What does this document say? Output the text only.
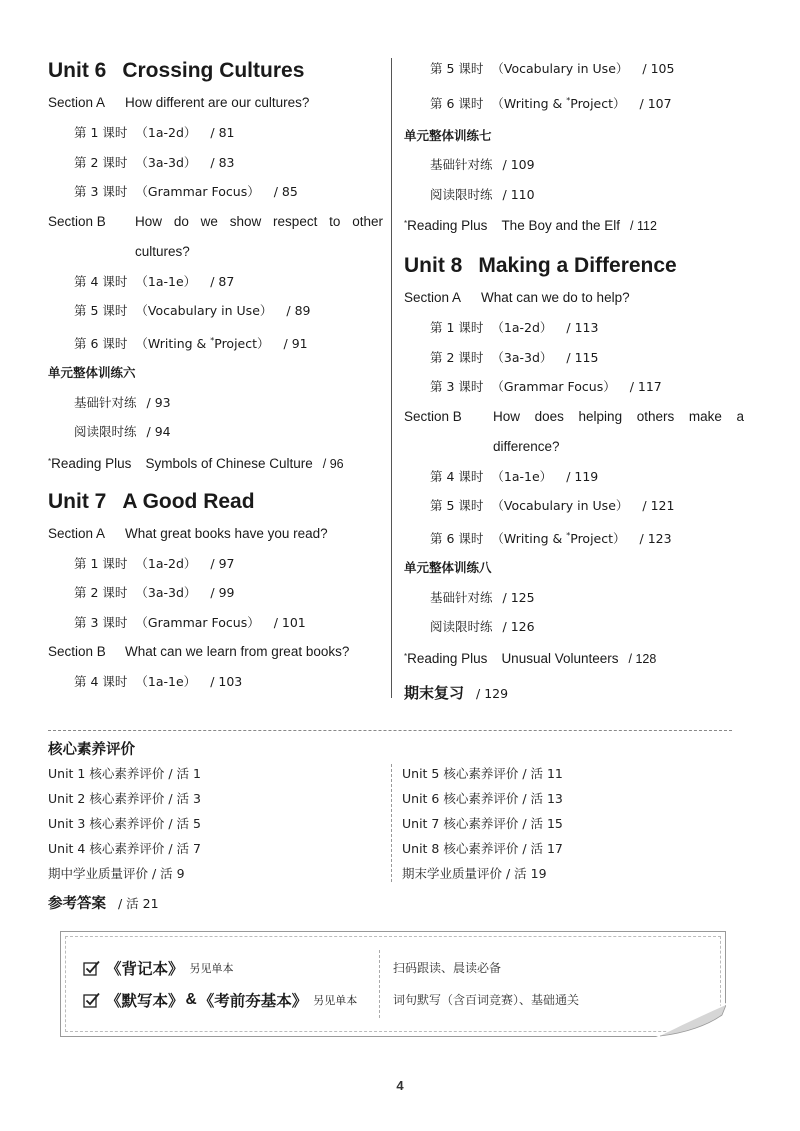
Unit 6 Crossing Cultures
Section A	How different are our cultures?
第 1 课时 （1a-2d） / 81
第 2 课时 （3a-3d） / 83
第 3 课时 （Grammar Focus） / 85
Section B	How do we show respect to other cultures?
第 4 课时 （1a-1e） / 87
第 5 课时 （Vocabulary in Use） / 89
第 6 课时 （Writing & *Project） / 91
单元整体训练六
基础针对练 / 93
阅读限时练 / 94
*Reading Plus Symbols of Chinese Culture / 96
Unit 7 A Good Read
Section A	What great books have you read?
第 1 课时 （1a-2d） / 97
第 2 课时 （3a-3d） / 99
第 3 课时 （Grammar Focus） / 101
Section B	What can we learn from great books?
第 4 课时 （1a-1e） / 103
第 5 课时 （Vocabulary in Use） / 105
第 6 课时 （Writing & *Project） / 107
单元整体训练七
基础针对练 / 109
阅读限时练 / 110
*Reading Plus The Boy and the Elf / 112
Unit 8 Making a Difference
Section A	What can we do to help?
第 1 课时 （1a-2d） / 113
第 2 课时 （3a-3d） / 115
第 3 课时 （Grammar Focus） / 117
Section B	How does helping others make a difference?
第 4 课时 （1a-1e） / 119
第 5 课时 （Vocabulary in Use） / 121
第 6 课时 （Writing & *Project） / 123
单元整体训练八
基础针对练 / 125
阅读限时练 / 126
*Reading Plus Unusual Volunteers / 128
期末复习 / 129
核心素养评价
Unit 1 核心素养评价 / 活 1
Unit 2 核心素养评价 / 活 3
Unit 3 核心素养评价 / 活 5
Unit 4 核心素养评价 / 活 7
期中学业质量评价 / 活 9
Unit 5 核心素养评价 / 活 11
Unit 6 核心素养评价 / 活 13
Unit 7 核心素养评价 / 活 15
Unit 8 核心素养评价 / 活 17
期末学业质量评价 / 活 19
参考答案 / 活 21
《背记本》 另见单本
《默写本》 & 《考前夯基本》 另见单本
扫码跟读、晨读必备
词句默写（含百词竞赛）、基础通关
4
